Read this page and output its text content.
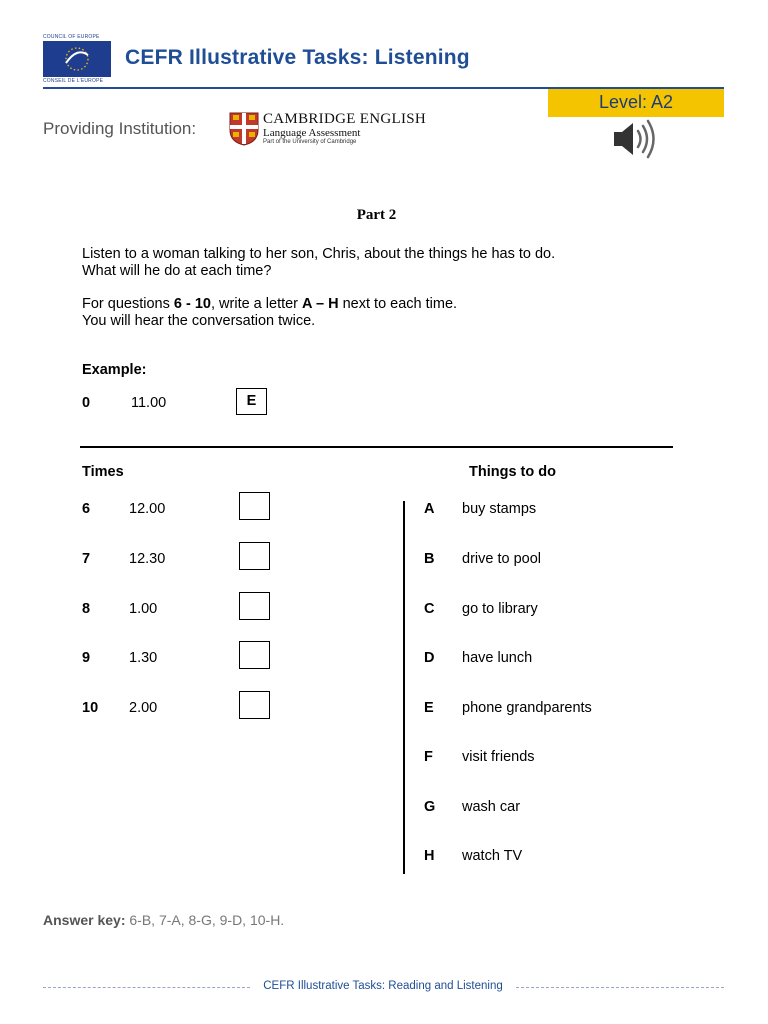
COUNCIL OF EUROPE
CONSEIL DE L'EUROPE
CEFR Illustrative Tasks: Listening
Level: A2
Providing Institution:	CAMBRIDGE ENGLISH
Language Assessment
Part of the University of Cambridge
Part 2
Listen to a woman talking to her son, Chris, about the things he has to do.
What will he do at each time?
For questions 6 - 10, write a letter A – H next to each time.
You will hear the conversation twice.
Example:
0	11.00	E
Times	Things to do
6	12.00
7	12.30
8	1.00
9	1.30
10 2.00
A buy stamps
B drive to pool
C go to library
D have lunch
E phone grandparents
F visit friends
G wash car
H watch TV
Answer key: 6-B, 7-A, 8-G, 9-D, 10-H.
CEFR Illustrative Tasks: Reading and Listening
